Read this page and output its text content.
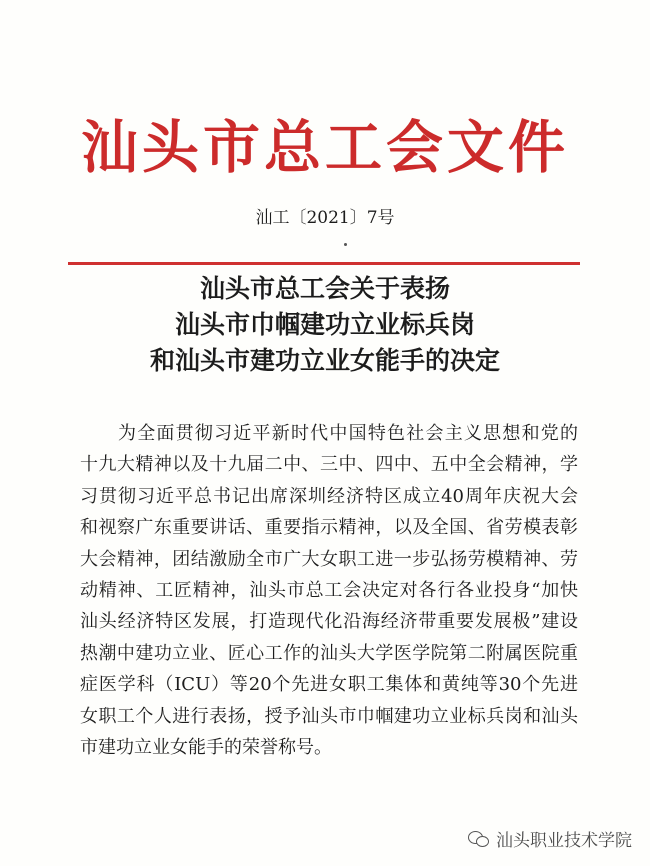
汕头市总工会文件
汕工〔2021〕7号
汕头市总工会关于表扬
汕头市巾帼建功立业标兵岗
和汕头市建功立业女能手的决定
为全面贯彻习近平新时代中国特色社会主义思想和党的
十九大精神以及十九届二中、三中、四中、五中全会精神，学
习贯彻习近平总书记出席深圳经济特区成立40周年庆祝大会
和视察广东重要讲话、重要指示精神，以及全国、省劳模表彰
大会精神，团结激励全市广大女职工进一步弘扬劳模精神、劳
动精神、工匠精神，汕头市总工会决定对各行各业投身“加快
汕头经济特区发展，打造现代化沿海经济带重要发展极”建设
热潮中建功立业、匠心工作的汕头大学医学院第二附属医院重
症医学科（ICU）等20个先进女职工集体和黄纯等30个先进
女职工个人进行表扬，授予汕头市巾帼建功立业标兵岗和汕头
市建功立业女能手的荣誉称号。
汕头职业技术学院
